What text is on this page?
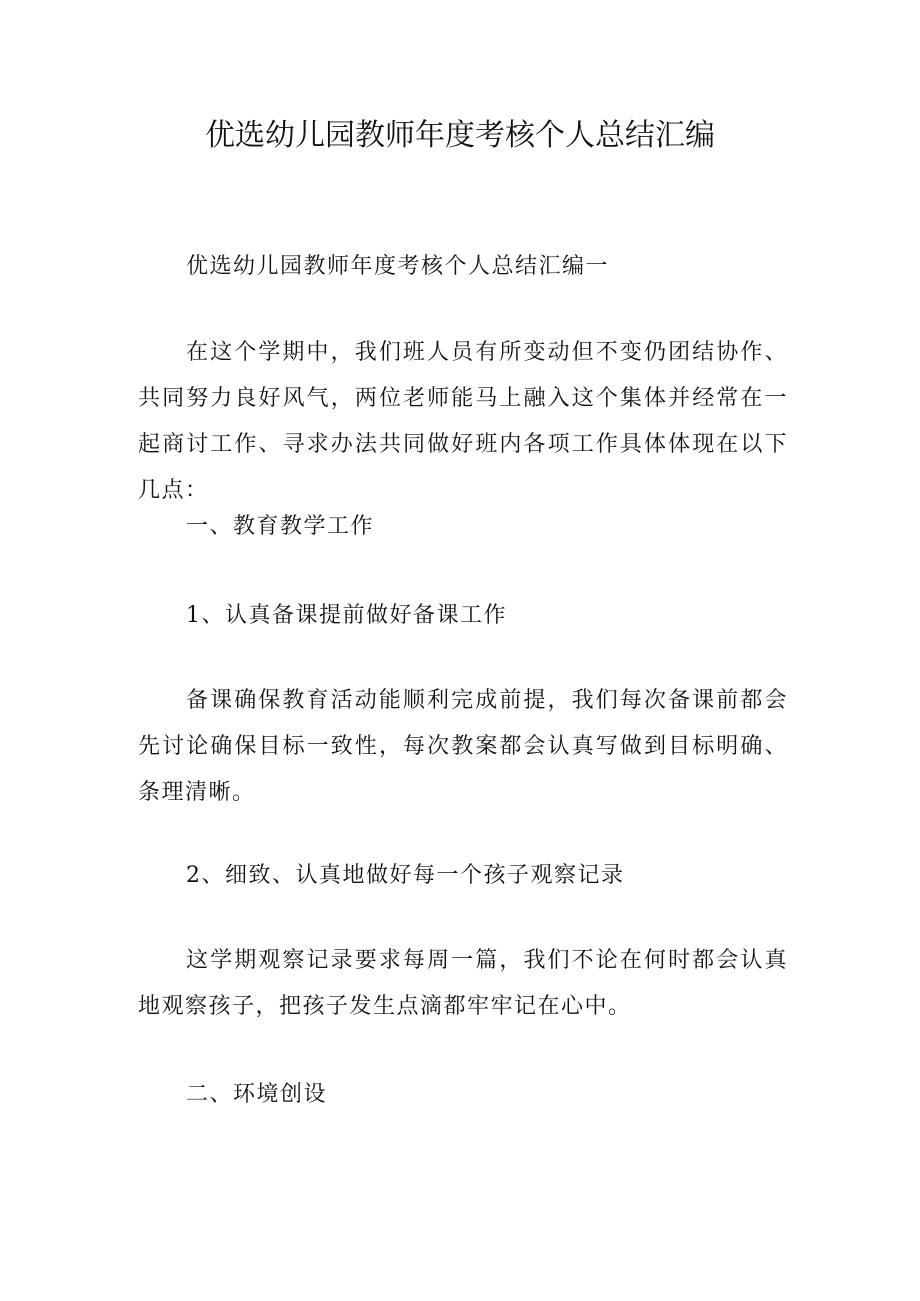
优选幼儿园教师年度考核个人总结汇编

优选幼儿园教师年度考核个人总结汇编一

在这个学期中，我们班人员有所变动但不变仍团结协作、共同努力良好风气，两位老师能马上融入这个集体并经常在一起商讨工作、寻求办法共同做好班内各项工作具体体现在以下几点：

一、教育教学工作

1、认真备课提前做好备课工作

备课确保教育活动能顺利完成前提，我们每次备课前都会先讨论确保目标一致性，每次教案都会认真写做到目标明确、条理清晰。

2、细致、认真地做好每一个孩子观察记录

这学期观察记录要求每周一篇，我们不论在何时都会认真地观察孩子，把孩子发生点滴都牢牢记在心中。

二、环境创设
